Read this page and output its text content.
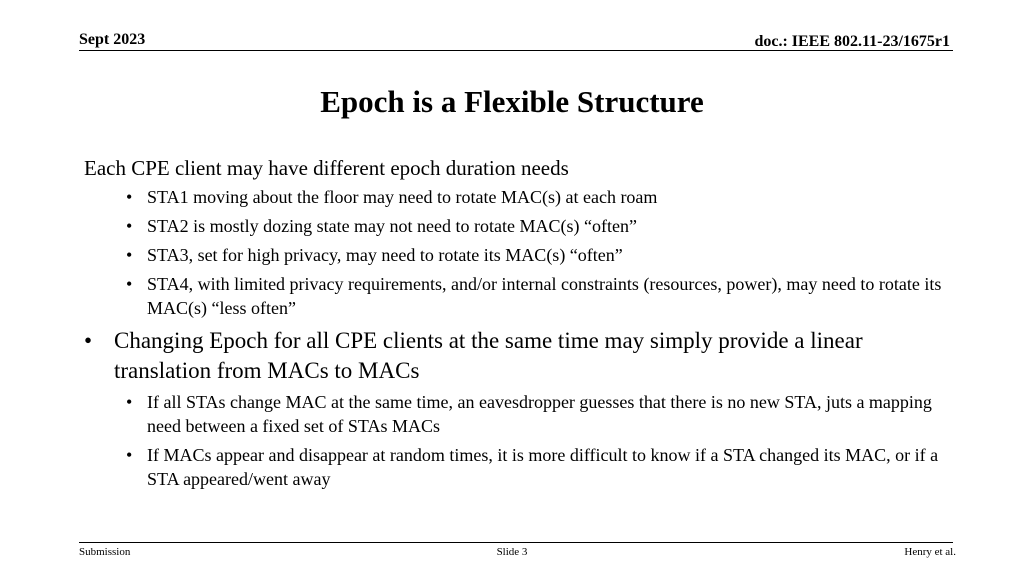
Sept 2023	doc.: IEEE 802.11-23/1675r1
Epoch is a Flexible Structure
Each CPE client may have different epoch duration needs
• STA1 moving about the floor may need to rotate MAC(s) at each roam
• STA2 is mostly dozing state may not need to rotate MAC(s) “often”
• STA3, set for high privacy, may need to rotate its MAC(s) “often”
• STA4, with limited privacy requirements, and/or internal constraints (resources, power), may need to rotate its MAC(s) “less often”
• Changing Epoch for all CPE clients at the same time may simply provide a linear translation from MACs to MACs
• If all STAs change MAC at the same time, an eavesdropper guesses that there is no new STA, juts a mapping need between a fixed set of STAs MACs
• If MACs appear and disappear at random times, it is more difficult to know if a STA changed its MAC, or if a STA appeared/went away
Submission	Slide 3	Henry et al.
